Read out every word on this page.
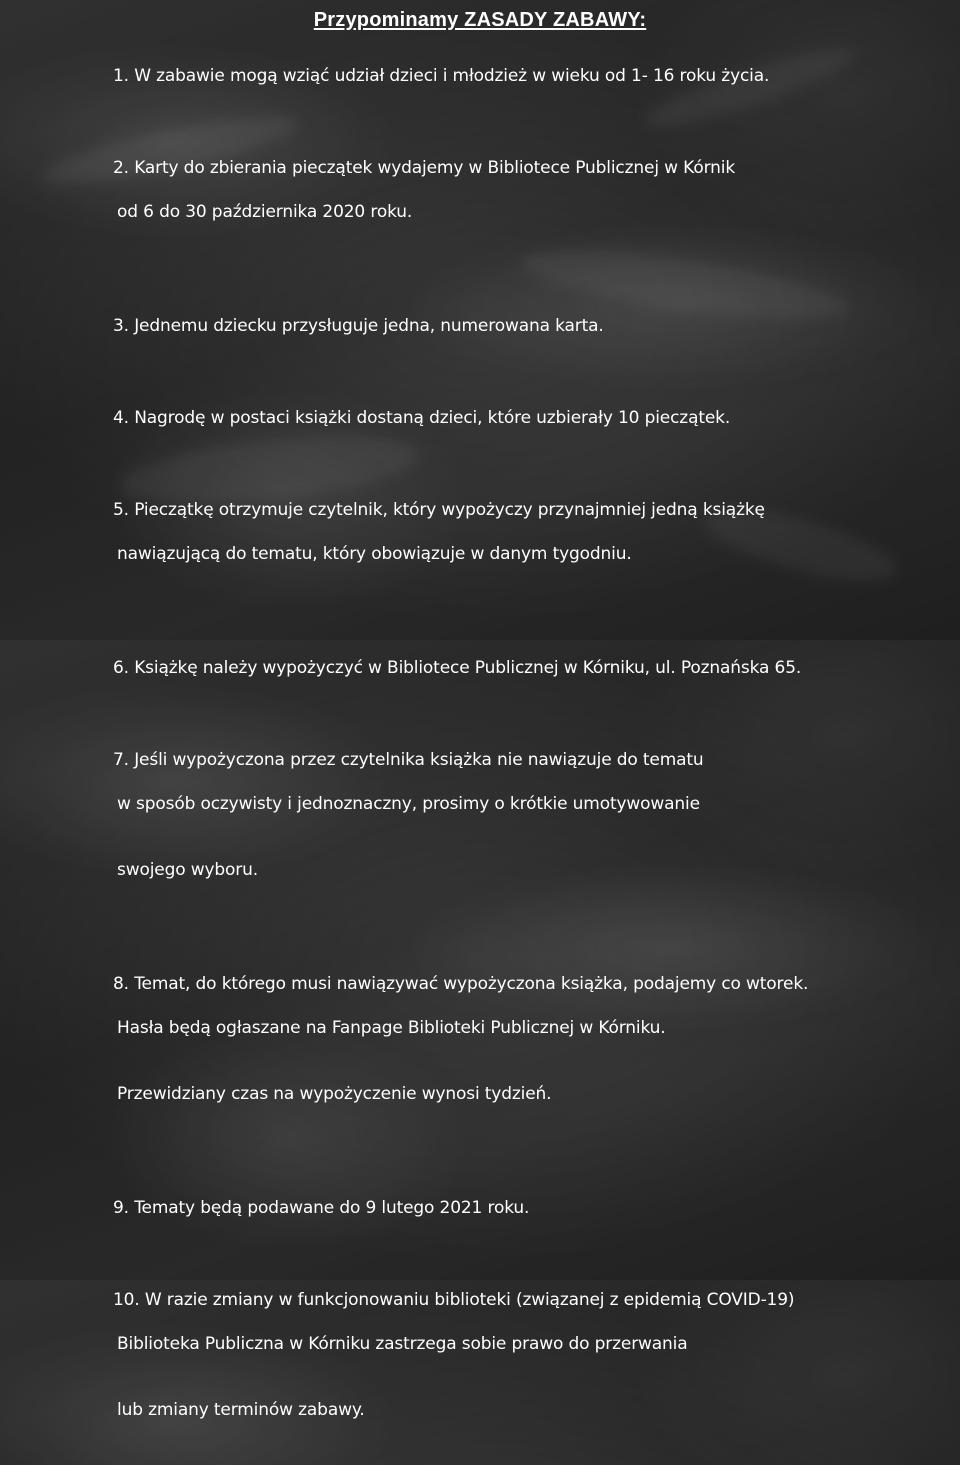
Przypominamy ZASADY ZABAWY:

1. W zabawie mogą wziąć udział dzieci i młodzież w wieku od 1- 16 roku życia.

2. Karty do zbierania pieczątek wydajemy w Bibliotece Publicznej w Kórnik

od 6 do 30 października 2020 roku.

3. Jednemu dziecku przysługuje jedna, numerowana karta.

4. Nagrodę w postaci książki dostaną dzieci, które uzbierały 10 pieczątek.

5. Pieczątkę otrzymuje czytelnik, który wypożyczy przynajmniej jedną książkę

nawiązującą do tematu, który obowiązuje w danym tygodniu.

6. Książkę należy wypożyczyć w Bibliotece Publicznej w Kórniku, ul. Poznańska 65.

7. Jeśli wypożyczona przez czytelnika książka nie nawiązuje do tematu

w sposób oczywisty i jednoznaczny, prosimy o krótkie umotywowanie

swojego wyboru.

8. Temat, do którego musi nawiązywać wypożyczona książka, podajemy co wtorek.

Hasła będą ogłaszane na Fanpage Biblioteki Publicznej w Kórniku.

Przewidziany czas na wypożyczenie wynosi tydzień.

9. Tematy będą podawane do 9 lutego 2021 roku.

10. W razie zmiany w funkcjonowaniu biblioteki (związanej z epidemią COVID-19)

Biblioteka Publiczna w Kórniku zastrzega sobie prawo do przerwania

lub zmiany terminów zabawy.
